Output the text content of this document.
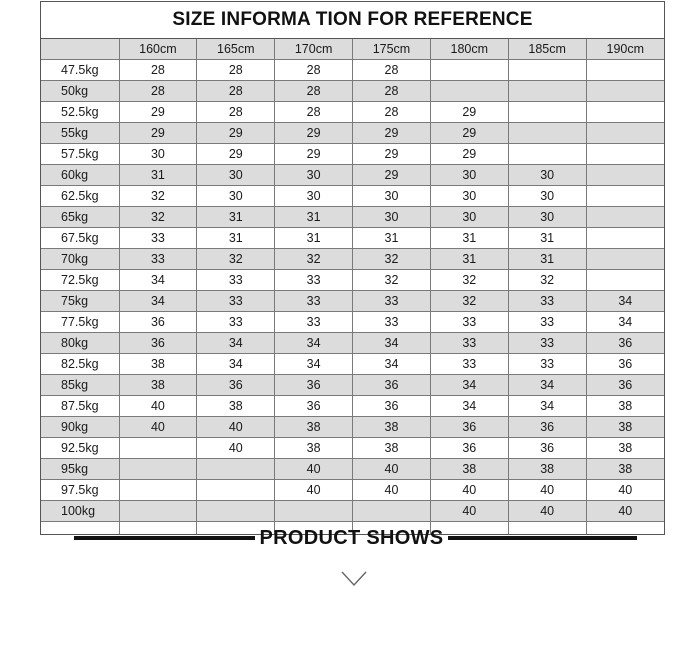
SIZE INFORMA TION FOR REFERENCE
	160cm	165cm	170cm	175cm	180cm	185cm	190cm
47.5kg	28	28	28	28			
50kg	28	28	28	28			
52.5kg	29	28	28	28	29		
55kg	29	29	29	29	29		
57.5kg	30	29	29	29	29		
60kg	31	30	30	29	30	30	
62.5kg	32	30	30	30	30	30	
65kg	32	31	31	30	30	30	
67.5kg	33	31	31	31	31	31	
70kg	33	32	32	32	31	31	
72.5kg	34	33	33	32	32	32	
75kg	34	33	33	33	32	33	34
77.5kg	36	33	33	33	33	33	34
80kg	36	34	34	34	33	33	36
82.5kg	38	34	34	34	33	33	36
85kg	38	36	36	36	34	34	36
87.5kg	40	38	36	36	34	34	38
90kg	40	40	38	38	36	36	38
92.5kg		40	38	38	36	36	38
95kg			40	40	38	38	38
97.5kg			40	40	40	40	40
100kg					40	40	40

PRODUCT SHOWS
